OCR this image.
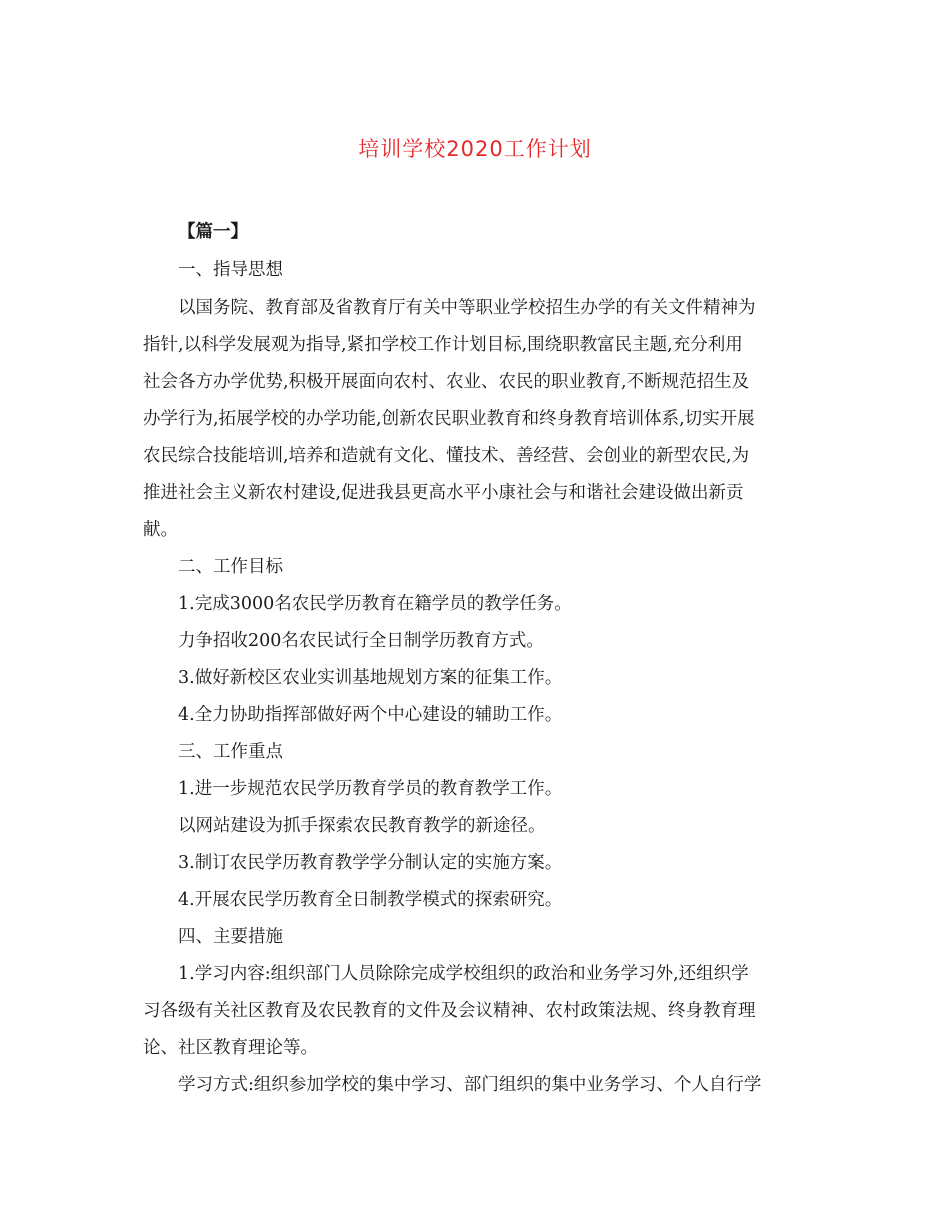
培训学校2020工作计划
【篇一】
一、指导思想
以国务院、教育部及省教育厅有关中等职业学校招生办学的有关文件精神为
指针,以科学发展观为指导,紧扣学校工作计划目标,围绕职教富民主题,充分利用
社会各方办学优势,积极开展面向农村、农业、农民的职业教育,不断规范招生及
办学行为,拓展学校的办学功能,创新农民职业教育和终身教育培训体系,切实开展
农民综合技能培训,培养和造就有文化、懂技术、善经营、会创业的新型农民,为
推进社会主义新农村建设,促进我县更高水平小康社会与和谐社会建设做出新贡
献。
二、工作目标
1.完成3000名农民学历教育在籍学员的教学任务。
力争招收200名农民试行全日制学历教育方式。
3.做好新校区农业实训基地规划方案的征集工作。
4.全力协助指挥部做好两个中心建设的辅助工作。
三、工作重点
1.进一步规范农民学历教育学员的教育教学工作。
以网站建设为抓手探索农民教育教学的新途径。
3.制订农民学历教育教学学分制认定的实施方案。
4.开展农民学历教育全日制教学模式的探索研究。
四、主要措施
1.学习内容:组织部门人员除除完成学校组织的政治和业务学习外,还组织学
习各级有关社区教育及农民教育的文件及会议精神、农村政策法规、终身教育理
论、社区教育理论等。
学习方式:组织参加学校的集中学习、部门组织的集中业务学习、个人自行学
